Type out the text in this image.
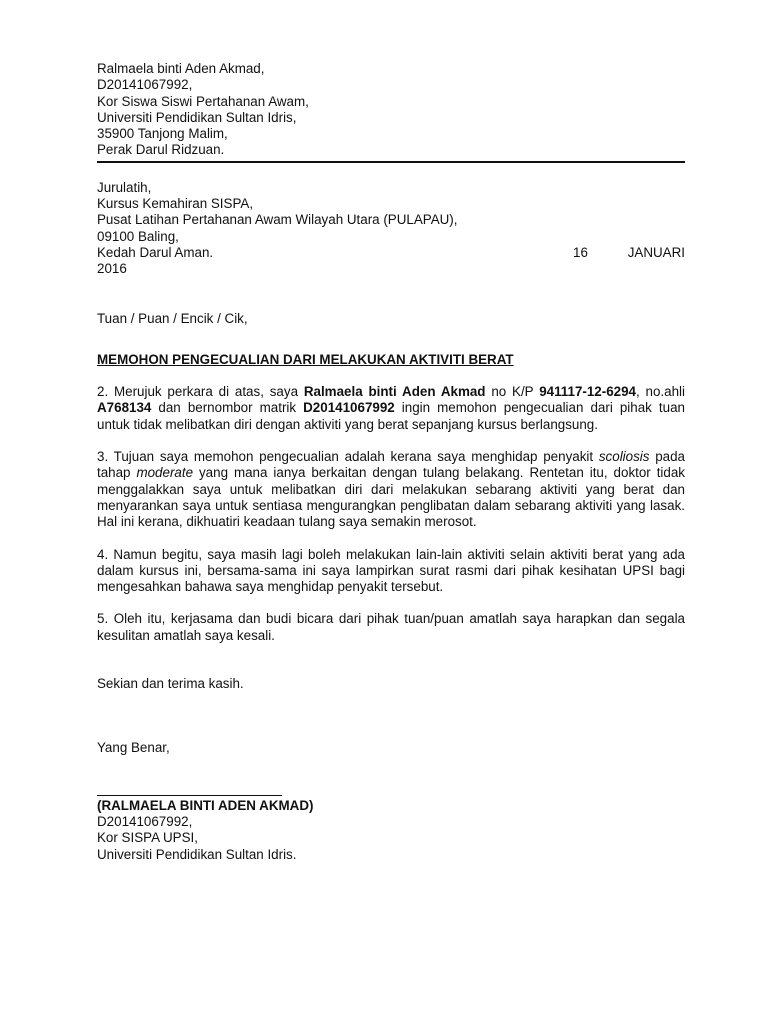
Ralmaela binti Aden Akmad,
D20141067992,
Kor Siswa Siswi Pertahanan Awam,
Universiti Pendidikan Sultan Idris,
35900 Tanjong Malim,
Perak Darul Ridzuan.
Jurulatih,
Kursus Kemahiran SISPA,
Pusat Latihan Pertahanan Awam Wilayah Utara (PULAPAU),
09100 Baling,
Kedah Darul Aman.	16	JANUARI
2016
Tuan / Puan / Encik / Cik,
MEMOHON PENGECUALIAN DARI MELAKUKAN AKTIVITI BERAT
2. Merujuk perkara di atas, saya Ralmaela binti Aden Akmad no K/P 941117-12-6294, no.ahli A768134 dan bernombor matrik D20141067992 ingin memohon pengecualian dari pihak tuan untuk tidak melibatkan diri dengan aktiviti yang berat sepanjang kursus berlangsung.
3. Tujuan saya memohon pengecualian adalah kerana saya menghidap penyakit scoliosis pada tahap moderate yang mana ianya berkaitan dengan tulang belakang. Rentetan itu, doktor tidak menggalakkan saya untuk melibatkan diri dari melakukan sebarang aktiviti yang berat dan menyarankan saya untuk sentiasa mengurangkan penglibatan dalam sebarang aktiviti yang lasak. Hal ini kerana, dikhuatiri keadaan tulang saya semakin merosot.
4. Namun begitu, saya masih lagi boleh melakukan lain-lain aktiviti selain aktiviti berat yang ada dalam kursus ini, bersama-sama ini saya lampirkan surat rasmi dari pihak kesihatan UPSI bagi mengesahkan bahawa saya menghidap penyakit tersebut.
5. Oleh itu, kerjasama dan budi bicara dari pihak tuan/puan amatlah saya harapkan dan segala kesulitan amatlah saya kesali.
Sekian dan terima kasih.
Yang Benar,
(RALMAELA BINTI ADEN AKMAD)
D20141067992,
Kor SISPA UPSI,
Universiti Pendidikan Sultan Idris.
